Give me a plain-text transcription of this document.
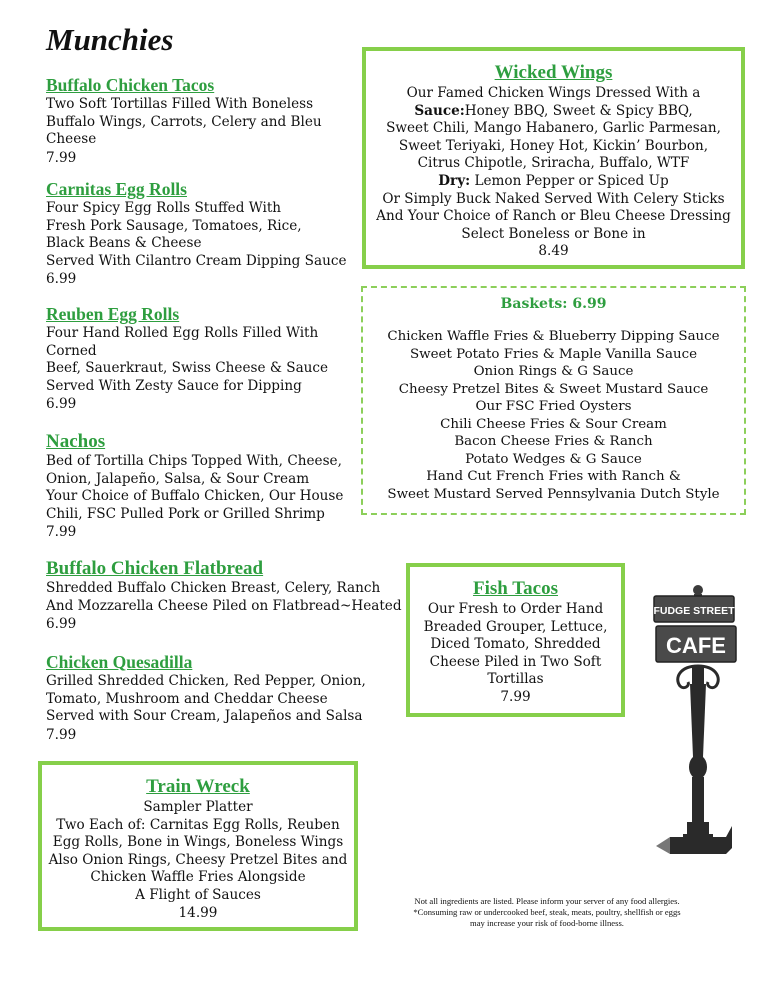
Munchies
Buffalo Chicken Tacos
Two Soft Tortillas Filled With Boneless
Buffalo Wings, Carrots, Celery and Bleu
Cheese
7.99
Carnitas Egg Rolls
Four Spicy Egg Rolls Stuffed With
Fresh Pork Sausage, Tomatoes, Rice,
Black Beans & Cheese
Served With Cilantro Cream Dipping Sauce
6.99
Reuben Egg Rolls
Four Hand Rolled Egg Rolls Filled With
Corned
Beef, Sauerkraut, Swiss Cheese & Sauce
Served With Zesty Sauce for Dipping
6.99
Nachos
Bed of Tortilla Chips Topped With, Cheese,
Onion, Jalapeño, Salsa, & Sour Cream
Your Choice of Buffalo Chicken, Our House
Chili, FSC Pulled Pork or Grilled Shrimp
7.99
Buffalo Chicken Flatbread
Shredded Buffalo Chicken Breast, Celery, Ranch
And Mozzarella Cheese Piled on Flatbread~Heated
6.99
Chicken Quesadilla
Grilled Shredded Chicken, Red Pepper, Onion,
Tomato, Mushroom and Cheddar Cheese
Served with Sour Cream, Jalapeños and Salsa
7.99
Wicked Wings
Our Famed Chicken Wings Dressed With a
Sauce:Honey BBQ, Sweet & Spicy BBQ,
Sweet Chili, Mango Habanero, Garlic Parmesan,
Sweet Teriyaki, Honey Hot, Kickin’ Bourbon,
Citrus Chipotle, Sriracha, Buffalo, WTF
Dry: Lemon Pepper or Spiced Up
Or Simply Buck Naked Served With Celery Sticks
And Your Choice of Ranch or Bleu Cheese Dressing
Select Boneless or Bone in
8.49
Baskets: 6.99
Chicken Waffle Fries & Blueberry Dipping Sauce
Sweet Potato Fries & Maple Vanilla Sauce
Onion Rings & G Sauce
Cheesy Pretzel Bites & Sweet Mustard Sauce
Our FSC Fried Oysters
Chili Cheese Fries & Sour Cream
Bacon Cheese Fries & Ranch
Potato Wedges & G Sauce
Hand Cut French Fries with Ranch &
Sweet Mustard Served Pennsylvania Dutch Style
Fish Tacos
Our Fresh to Order Hand
Breaded Grouper, Lettuce,
Diced Tomato, Shredded
Cheese Piled in Two Soft
Tortillas
7.99
Train Wreck
Sampler Platter
Two Each of: Carnitas Egg Rolls, Reuben
Egg Rolls, Bone in Wings, Boneless Wings
Also Onion Rings, Cheesy Pretzel Bites and
Chicken Waffle Fries Alongside
A Flight of Sauces
14.99
FUDGE STREET
CAFE
Not all ingredients are listed. Please inform your server of any food allergies.
*Consuming raw or undercooked beef, steak, meats, poultry, shellfish or eggs
may increase your risk of food-borne illness.
